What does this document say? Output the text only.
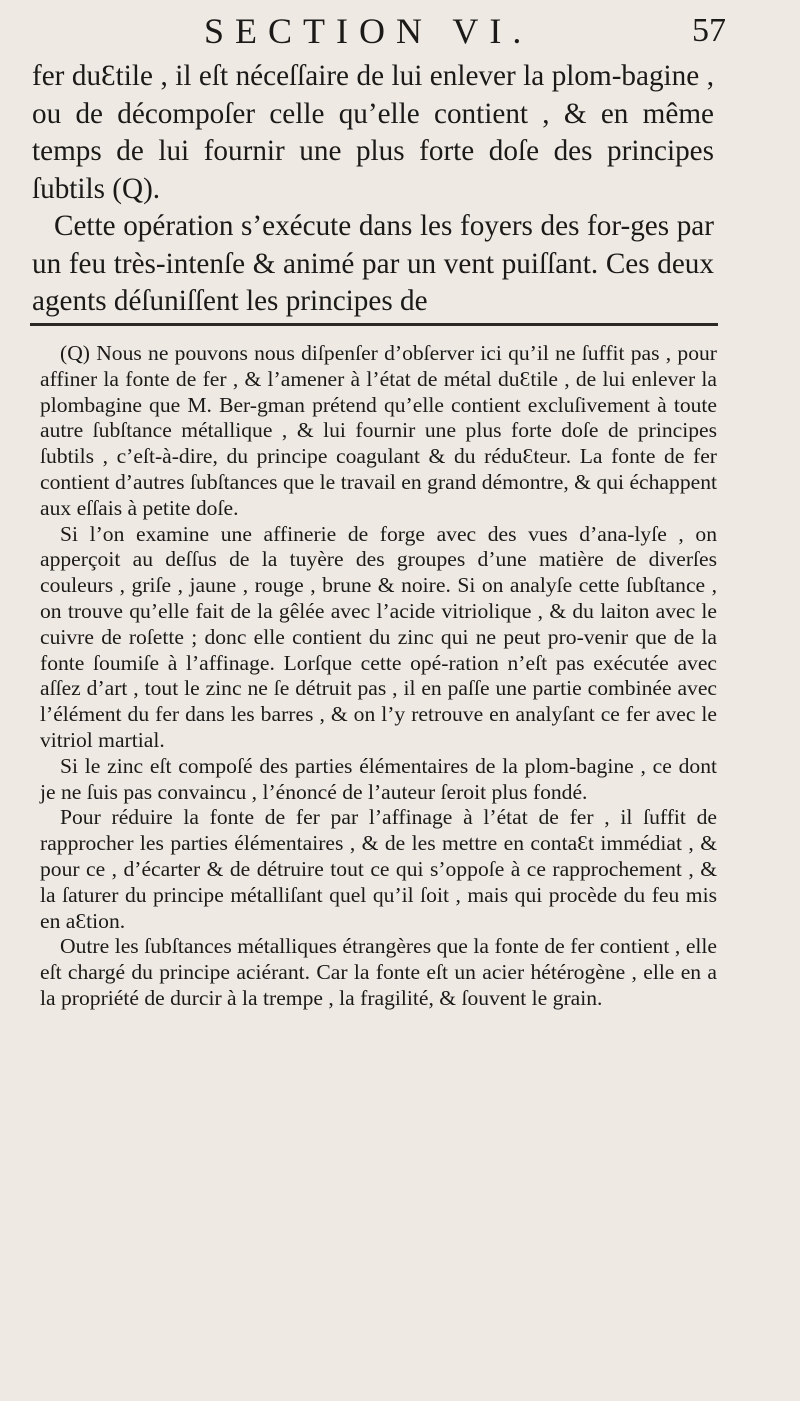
SECTION VI.	57

fer duƐtile , il eſt néceſſaire de lui enlever la plom-bagine , ou de décompoſer celle qu’elle contient , & en même temps de lui fournir une plus forte doſe des principes ſubtils (Q).

Cette opération s’exécute dans les foyers des for-ges par un feu très-intenſe & animé par un vent puiſſant. Ces deux agents déſuniſſent les principes de

(Q) Nous ne pouvons nous diſpenſer d’obſerver ici qu’il ne ſuffit pas , pour affiner la fonte de fer , & l’amener à l’état de métal duƐtile , de lui enlever la plombagine que M. Ber-gman prétend qu’elle contient excluſivement à toute autre ſubſtance métallique , & lui fournir une plus forte doſe de principes ſubtils , c’eſt-à-dire, du principe coagulant & du réduƐteur. La fonte de fer contient d’autres ſubſtances que le travail en grand démontre, & qui échappent aux eſſais à petite doſe.

Si l’on examine une affinerie de forge avec des vues d’ana-lyſe , on apperçoit au deſſus de la tuyère des groupes d’une matière de diverſes couleurs , griſe , jaune , rouge , brune & noire. Si on analyſe cette ſubſtance , on trouve qu’elle fait de la gêlée avec l’acide vitriolique , & du laiton avec le cuivre de roſette ; donc elle contient du zinc qui ne peut pro-venir que de la fonte ſoumiſe à l’affinage. Lorſque cette opé-ration n’eſt pas exécutée avec aſſez d’art , tout le zinc ne ſe détruit pas , il en paſſe une partie combinée avec l’élément du fer dans les barres , & on l’y retrouve en analyſant ce fer avec le vitriol martial.

Si le zinc eſt compoſé des parties élémentaires de la plom-bagine , ce dont je ne ſuis pas convaincu , l’énoncé de l’auteur ſeroit plus fondé.

Pour réduire la fonte de fer par l’affinage à l’état de fer , il ſuffit de rapprocher les parties élémentaires , & de les mettre en contaƐt immédiat , & pour ce , d’écarter & de détruire tout ce qui s’oppoſe à ce rapprochement , & la ſaturer du principe métalliſant quel qu’il ſoit , mais qui procède du feu mis en aƐtion.

Outre les ſubſtances métalliques étrangères que la fonte de fer contient , elle eſt chargé du principe aciérant. Car la fonte eſt un acier hétérogène , elle en a la propriété de durcir à la trempe , la fragilité, & ſouvent le grain.
